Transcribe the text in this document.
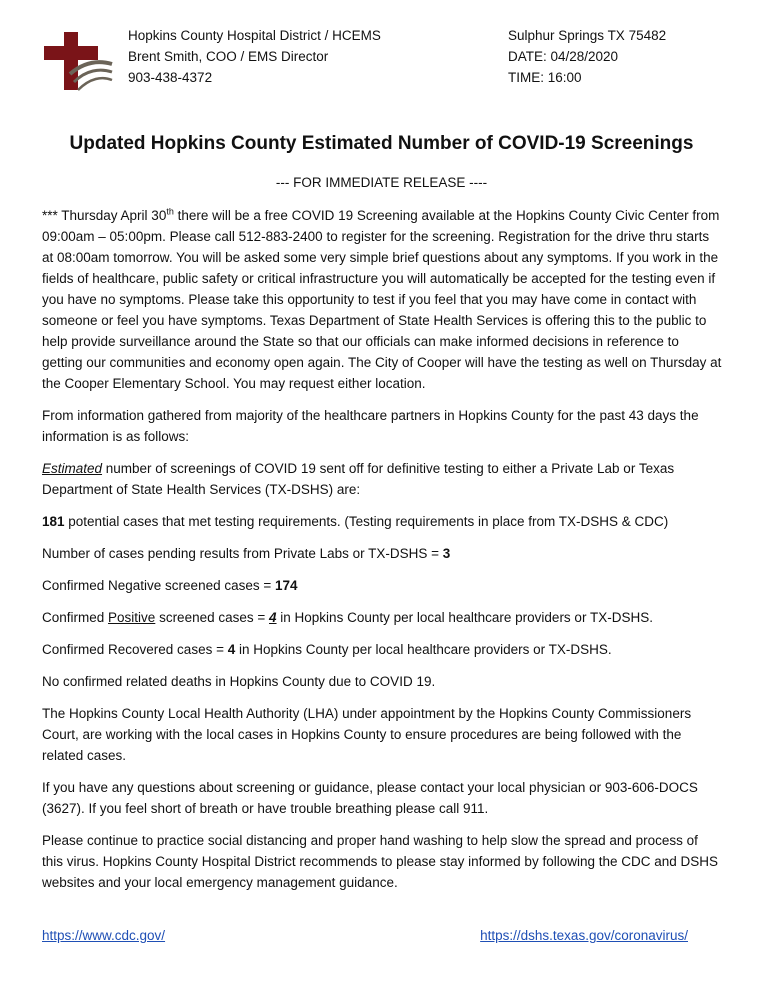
Hopkins County Hospital District / HCEMS
Brent Smith, COO / EMS Director
903-438-4372
Sulphur Springs TX 75482
DATE: 04/28/2020
TIME: 16:00
Updated Hopkins County Estimated Number of COVID-19 Screenings
--- FOR IMMEDIATE RELEASE ----

*** Thursday April 30th there will be a free COVID 19 Screening available at the Hopkins County Civic Center from 09:00am – 05:00pm. Please call 512-883-2400 to register for the screening. Registration for the drive thru starts at 08:00am tomorrow. You will be asked some very simple brief questions about any symptoms. If you work in the fields of healthcare, public safety or critical infrastructure you will automatically be accepted for the testing even if you have no symptoms. Please take this opportunity to test if you feel that you may have come in contact with someone or feel you have symptoms. Texas Department of State Health Services is offering this to the public to help provide surveillance around the State so that our officials can make informed decisions in reference to getting our communities and economy open again. The City of Cooper will have the testing as well on Thursday at the Cooper Elementary School. You may request either location.

From information gathered from majority of the healthcare partners in Hopkins County for the past 43 days the information is as follows:

Estimated number of screenings of COVID 19 sent off for definitive testing to either a Private Lab or Texas Department of State Health Services (TX-DSHS) are:

181 potential cases that met testing requirements. (Testing requirements in place from TX-DSHS & CDC)

Number of cases pending results from Private Labs or TX-DSHS = 3

Confirmed Negative screened cases = 174

Confirmed Positive screened cases = 4 in Hopkins County per local healthcare providers or TX-DSHS.

Confirmed Recovered cases = 4 in Hopkins County per local healthcare providers or TX-DSHS.

No confirmed related deaths in Hopkins County due to COVID 19.

The Hopkins County Local Health Authority (LHA) under appointment by the Hopkins County Commissioners Court, are working with the local cases in Hopkins County to ensure procedures are being followed with the related cases.

If you have any questions about screening or guidance, please contact your local physician or 903-606-DOCS (3627). If you feel short of breath or have trouble breathing please call 911.

Please continue to practice social distancing and proper hand washing to help slow the spread and process of this virus. Hopkins County Hospital District recommends to please stay informed by following the CDC and DSHS websites and your local emergency management guidance.

https://www.cdc.gov/	https://dshs.texas.gov/coronavirus/
